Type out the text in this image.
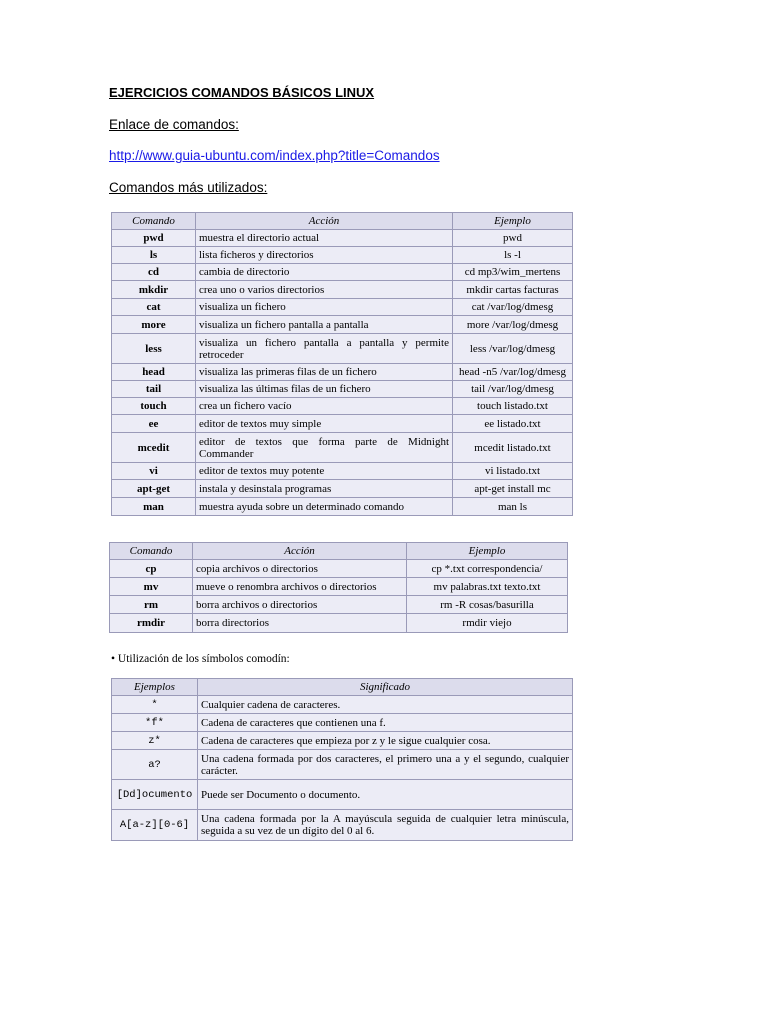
EJERCICIOS COMANDOS BÁSICOS LINUX
Enlace de comandos:
http://www.guia-ubuntu.com/index.php?title=Comandos
Comandos más utilizados:
Comando	Acción	Ejemplo
pwd	muestra el directorio actual	pwd
ls	lista ficheros y directorios	ls -l
cd	cambia de directorio	cd mp3/wim_mertens
mkdir	crea uno o varios directorios	mkdir cartas facturas
cat	visualiza un fichero	cat /var/log/dmesg
more	visualiza un fichero pantalla a pantalla	more /var/log/dmesg
less	visualiza un fichero pantalla a pantalla y permite retroceder	less /var/log/dmesg
head	visualiza las primeras filas de un fichero	head -n5 /var/log/dmesg
tail	visualiza las últimas filas de un fichero	tail /var/log/dmesg
touch	crea un fichero vacío	touch listado.txt
ee	editor de textos muy simple	ee listado.txt
mcedit	editor de textos que forma parte de Midnight Commander	mcedit listado.txt
vi	editor de textos muy potente	vi listado.txt
apt-get	instala y desinstala programas	apt-get install mc
man	muestra ayuda sobre un determinado comando	man ls
Comando	Acción	Ejemplo
cp	copia archivos o directorios	cp *.txt correspondencia/
mv	mueve o renombra archivos o directorios	mv palabras.txt texto.txt
rm	borra archivos o directorios	rm -R cosas/basurilla
rmdir	borra directorios	rmdir viejo
• Utilización de los símbolos comodín:
Ejemplos	Significado
*	Cualquier cadena de caracteres.
*f*	Cadena de caracteres que contienen una f.
z*	Cadena de caracteres que empieza por z y le sigue cualquier cosa.
a?	Una cadena formada por dos caracteres, el primero una a y el segundo, cualquier carácter.
[Dd]ocumento	Puede ser Documento o documento.
A[a-z][0-6]	Una cadena formada por la A mayúscula seguida de cualquier letra minúscula, seguida a su vez de un dígito del 0 al 6.
